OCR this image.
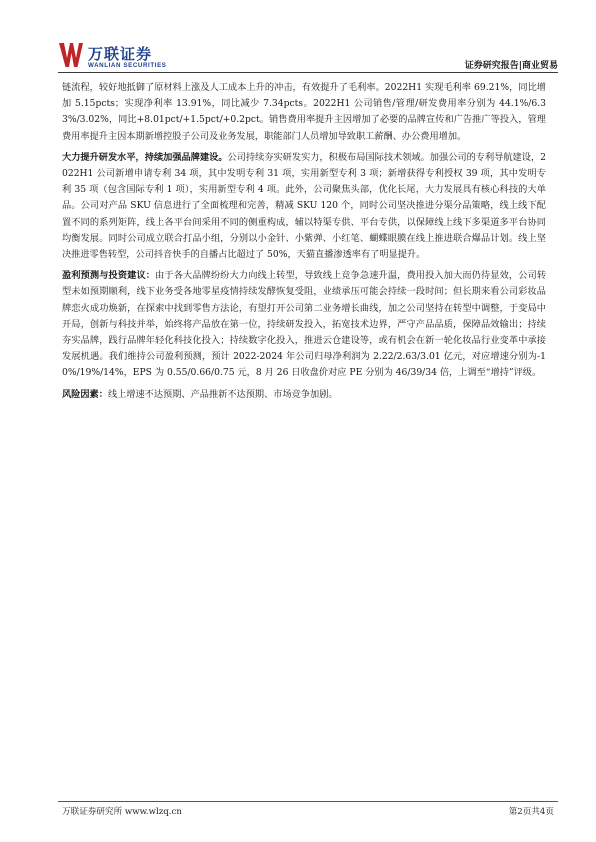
万联证券
WANLIAN SECURITIES	证券研究报告|商业贸易

链流程，较好地抵御了原材料上涨及人工成本上升的冲击，有效提升了毛利率。2022H1 实现毛利率 69.21%，同比增加 5.15pcts；实现净利率 13.91%，同比减少 7.34pcts。2022H1 公司销售/管理/研发费用率分别为 44.1%/6.33%/3.02%，同比+8.01pct/+1.5pct/+0.2pct。销售费用率提升主因增加了必要的品牌宣传和广告推广等投入，管理费用率提升主因本期新增控股子公司及业务发展，职能部门人员增加导致职工薪酬、办公费用增加。

大力提升研发水平，持续加强品牌建设。公司持续夯实研发实力，积极布局国际技术领域。加强公司的专利导航建设，2022H1 公司新增申请专利 34 项，其中发明专利 31 项，实用新型专利 3 项；新增获得专利授权 39 项，其中发明专利 35 项（包含国际专利 1 项），实用新型专利 4 项。此外，公司聚焦头部，优化长尾，大力发展具有核心科技的大单品。公司对产品 SKU 信息进行了全面梳理和完善，精减 SKU 120 个，同时公司坚决推进分渠分品策略，线上线下配置不同的系列矩阵，线上各平台间采用不同的侧重构成，辅以特渠专供、平台专供，以保障线上线下多渠道多平台协同均衡发展。同时公司成立联合打品小组，分别以小金针、小紫弹、小红笔、蝴蝶眼膜在线上推进联合爆品计划。线上坚决推进零售转型，公司抖音快手的自播占比超过了 50%，天猫直播渗透率有了明显提升。

盈利预测与投资建议：由于各大品牌纷纷大力向线上转型，导致线上竞争急速升温，费用投入加大而仍待显效，公司转型未如预期顺利，线下业务受各地零星疫情持续发酵恢复受阻，业绩承压可能会持续一段时间；但长期来看公司彩妆品牌恋火成功焕新，在探索中找到零售方法论，有望打开公司第二业务增长曲线，加之公司坚持在转型中调整，于变局中开局，创新与科技并举，始终将产品放在第一位，持续研发投入，拓宽技术边界，严守产品品质，保障品效输出；持续夯实品牌，践行品牌年轻化科技化投入；持续数字化投入，推进云仓建设等，或有机会在新一轮化妆品行业变革中承接发展机遇。我们维持公司盈利预测，预计 2022-2024 年公司归母净利润为 2.22/2.63/3.01 亿元，对应增速分别为-10%/19%/14%，EPS 为 0.55/0.66/0.75 元，8 月 26 日收盘价对应 PE 分别为 46/39/34 倍，上调至“增持”评级。

风险因素：线上增速不达预期、产品推新不达预期、市场竞争加剧。

万联证券研究所 www.wlzq.cn	第2页共4页
